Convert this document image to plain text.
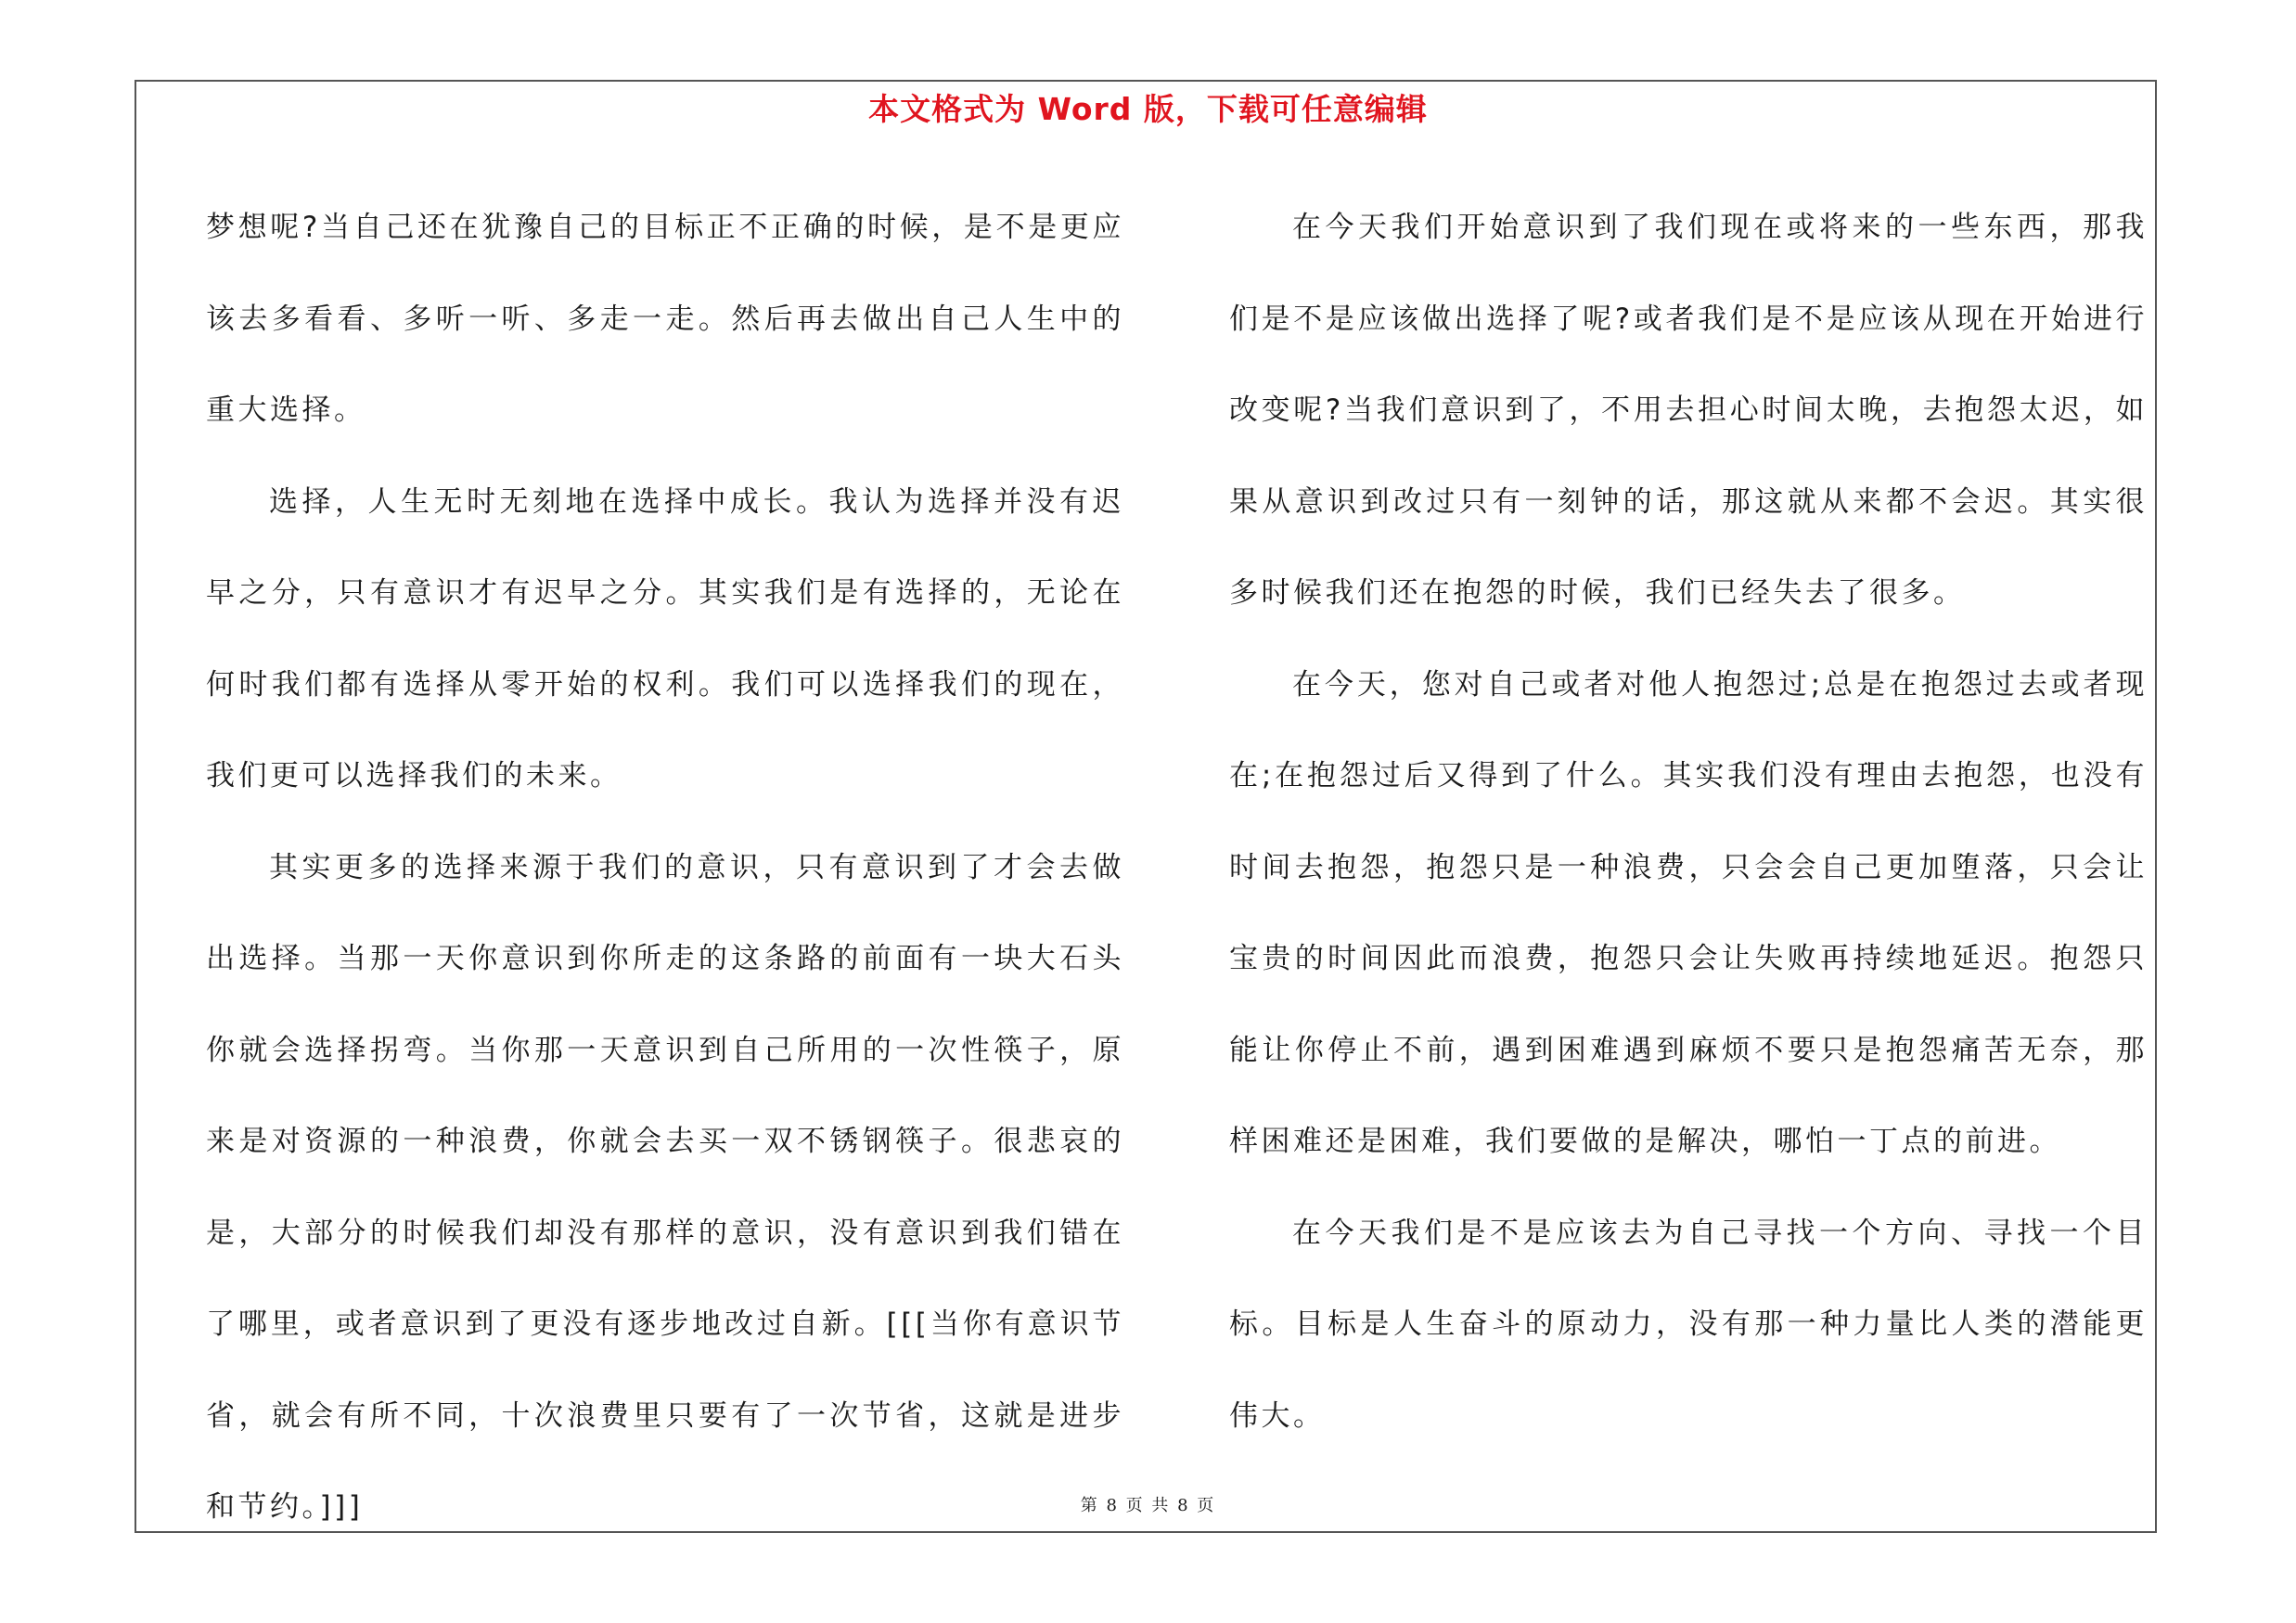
本文格式为 Word 版，下载可任意编辑

梦想呢?当自己还在犹豫自己的目标正不正确的时候，是不是更应该去多看看、多听一听、多走一走。然后再去做出自己人生中的重大选择。

选择，人生无时无刻地在选择中成长。我认为选择并没有迟早之分，只有意识才有迟早之分。其实我们是有选择的，无论在何时我们都有选择从零开始的权利。我们可以选择我们的现在，我们更可以选择我们的未来。

其实更多的选择来源于我们的意识，只有意识到了才会去做出选择。当那一天你意识到你所走的这条路的前面有一块大石头你就会选择拐弯。当你那一天意识到自己所用的一次性筷子，原来是对资源的一种浪费，你就会去买一双不锈钢筷子。很悲哀的是，大部分的时候我们却没有那样的意识，没有意识到我们错在了哪里，或者意识到了更没有逐步地改过自新。[[[当你有意识节省，就会有所不同，十次浪费里只要有了一次节省，这就是进步和节约。]]]

在今天我们开始意识到了我们现在或将来的一些东西，那我们是不是应该做出选择了呢?或者我们是不是应该从现在开始进行改变呢?当我们意识到了，不用去担心时间太晚，去抱怨太迟，如果从意识到改过只有一刻钟的话，那这就从来都不会迟。其实很多时候我们还在抱怨的时候，我们已经失去了很多。

在今天，您对自己或者对他人抱怨过;总是在抱怨过去或者现在;在抱怨过后又得到了什么。其实我们没有理由去抱怨，也没有时间去抱怨，抱怨只是一种浪费，只会会自己更加堕落，只会让宝贵的时间因此而浪费，抱怨只会让失败再持续地延迟。抱怨只能让你停止不前，遇到困难遇到麻烦不要只是抱怨痛苦无奈，那样困难还是困难，我们要做的是解决，哪怕一丁点的前进。

在今天我们是不是应该去为自己寻找一个方向、寻找一个目标。目标是人生奋斗的原动力，没有那一种力量比人类的潜能更伟大。

第 8 页 共 8 页
